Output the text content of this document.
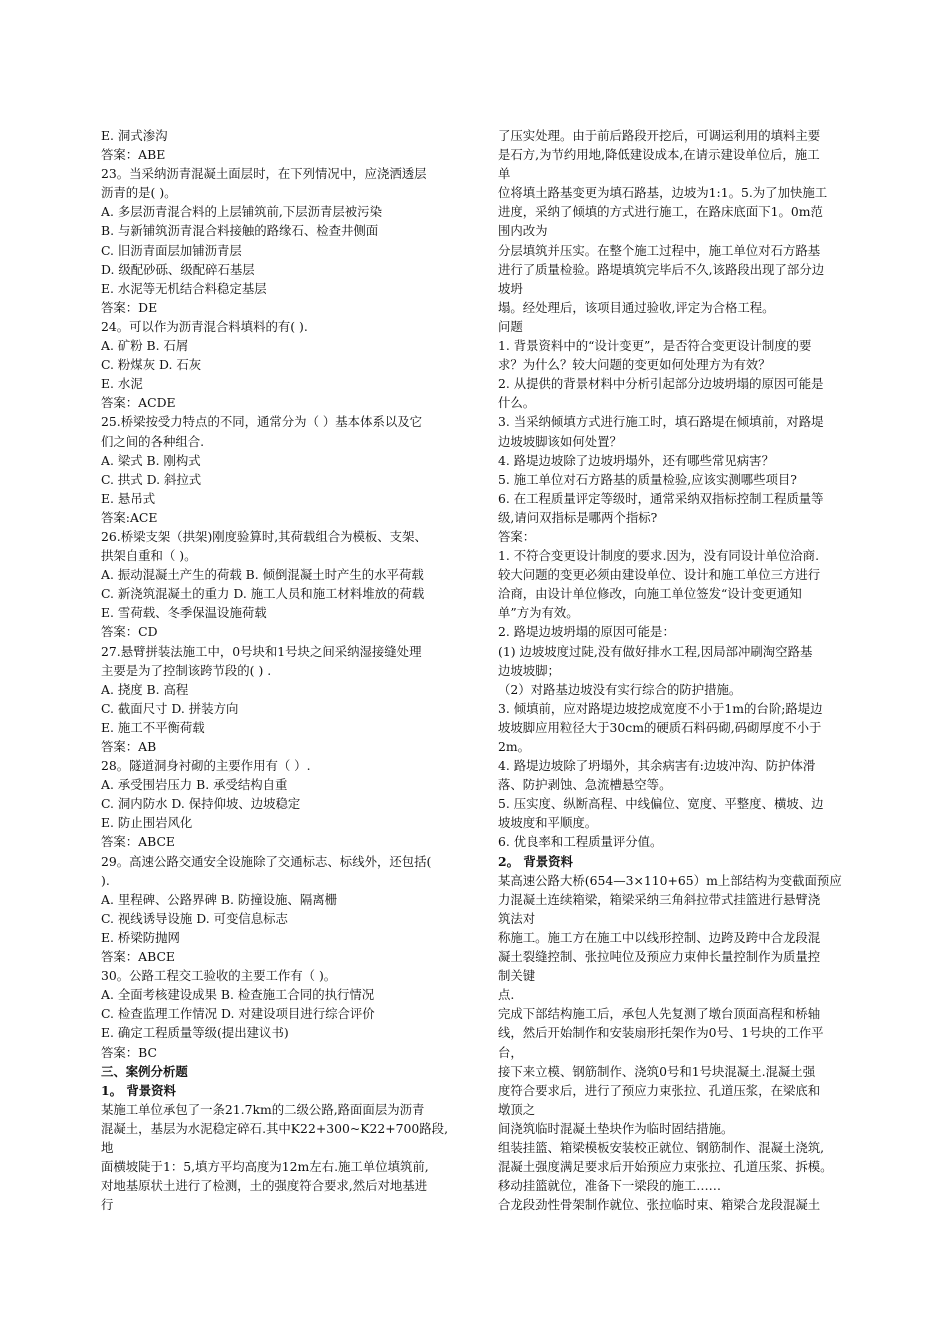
E. 洞式渗沟
答案：ABE
23。当采纳沥青混凝土面层时，在下列情况中，应浇洒透层
沥青的是( )。
A. 多层沥青混合料的上层铺筑前,下层沥青层被污染
B. 与新铺筑沥青混合料接触的路缘石、检查井侧面
C. 旧沥青面层加铺沥青层
D. 级配砂砾、级配碎石基层
E. 水泥等无机结合料稳定基层
答案：DE
24。可以作为沥青混合料填料的有( ).
A. 矿粉 B. 石屑
C. 粉煤灰 D. 石灰
E. 水泥
答案：ACDE
25.桥梁按受力特点的不同，通常分为（ ）基本体系以及它
们之间的各种组合.
A. 梁式 B. 刚构式
C. 拱式 D. 斜拉式
E. 悬吊式
答案:ACE
26.桥梁支架（拱架)刚度验算时,其荷载组合为模板、支架、
拱架自重和（ )。
A. 振动混凝土产生的荷载 B. 倾倒混凝土时产生的水平荷载
C. 新浇筑混凝土的重力 D. 施工人员和施工材料堆放的荷载
E. 雪荷载、冬季保温设施荷载
答案：CD
27.悬臂拼装法施工中，0号块和1号块之间采纳湿接缝处理
主要是为了控制该跨节段的( ) .
A. 挠度 B. 高程
C. 截面尺寸 D. 拼装方向
E. 施工不平衡荷载
答案：AB
28。隧道洞身衬砌的主要作用有（ ）.
A. 承受围岩压力 B. 承受结构自重
C. 洞内防水 D. 保持仰坡、边坡稳定
E. 防止围岩风化
答案：ABCE
29。高速公路交通安全设施除了交通标志、标线外，还包括(
).
A. 里程碑、公路界碑 B. 防撞设施、隔离栅
C. 视线诱导设施 D. 可变信息标志
E. 桥梁防抛网
答案：ABCE
30。公路工程交工验收的主要工作有（ )。
A. 全面考核建设成果 B. 检查施工合同的执行情况
C. 检查监理工作情况 D. 对建设项目进行综合评价
E. 确定工程质量等级(提出建议书)
答案：BC
三、案例分析题
1。 背景资料
某施工单位承包了一条21.7km的二级公路,路面面层为沥青
混凝土，基层为水泥稳定碎石.其中K22+300~K22+700路段,
地
面横坡陡于1：5,填方平均高度为12m左右.施工单位填筑前,
对地基原状土进行了检测，土的强度符合要求,然后对地基进
行
了压实处理。由于前后路段开挖后，可调运利用的填料主要
是石方,为节约用地,降低建设成本,在请示建设单位后，施工
单
位将填土路基变更为填石路基，边坡为1:1。5.为了加快施工
进度，采纳了倾填的方式进行施工，在路床底面下1。0m范
围内改为
分层填筑并压实。在整个施工过程中，施工单位对石方路基
进行了质量检验。路堤填筑完毕后不久,该路段出现了部分边
坡坍
塌。经处理后，该项目通过验收,评定为合格工程。
问题
1. 背景资料中的“设计变更”，是否符合变更设计制度的要
求？为什么？较大问题的变更如何处理方为有效？
2. 从提供的背景材料中分析引起部分边坡坍塌的原因可能是
什么。
3. 当采纳倾填方式进行施工时，填石路堤在倾填前，对路堤
边坡坡脚该如何处置？
4. 路堤边坡除了边坡坍塌外，还有哪些常见病害？
5. 施工单位对石方路基的质量检验,应该实测哪些项目?
6. 在工程质量评定等级时，通常采纳双指标控制工程质量等
级,请问双指标是哪两个指标?
答案：
1. 不符合变更设计制度的要求.因为，没有同设计单位洽商.
较大问题的变更必须由建设单位、设计和施工单位三方进行
洽商，由设计单位修改，向施工单位签发“设计变更通知
单”方为有效。
2. 路堤边坡坍塌的原因可能是：
(1) 边坡坡度过陡,没有做好排水工程,因局部冲刷淘空路基
边坡坡脚；
（2）对路基边坡没有实行综合的防护措施。
3. 倾填前，应对路堤边坡挖成宽度不小于1m的台阶;路堤边
坡坡脚应用粒径大于30cm的硬质石料码砌,码砌厚度不小于
2m。
4. 路堤边坡除了坍塌外，其余病害有:边坡冲沟、防护体滑
落、防护剥蚀、急流槽悬空等。
5. 压实度、纵断高程、中线偏位、宽度、平整度、横坡、边
坡坡度和平顺度。
6. 优良率和工程质量评分值。
2。 背景资料
某高速公路大桥(654—3×110+65）m上部结构为变截面预应
力混凝土连续箱梁，箱梁采纳三角斜拉带式挂篮进行悬臂浇
筑法对
称施工。施工方在施工中以线形控制、边跨及跨中合龙段混
凝土裂缝控制、张拉吨位及预应力束伸长量控制作为质量控
制关键
点.
完成下部结构施工后，承包人先复测了墩台顶面高程和桥轴
线，然后开始制作和安装扇形托架作为0号、1号块的工作平
台，
接下来立模、钢筋制作、浇筑0号和1号块混凝土.混凝土强
度符合要求后，进行了预应力束张拉、孔道压浆，在梁底和
墩顶之
间浇筑临时混凝土垫块作为临时固结措施。
组装挂篮、箱梁模板安装校正就位、钢筋制作、混凝土浇筑,
混凝土强度满足要求后开始预应力束张拉、孔道压浆、拆模。
移动挂篮就位，准备下一梁段的施工……
合龙段劲性骨架制作就位、张拉临时束、箱梁合龙段混凝土
